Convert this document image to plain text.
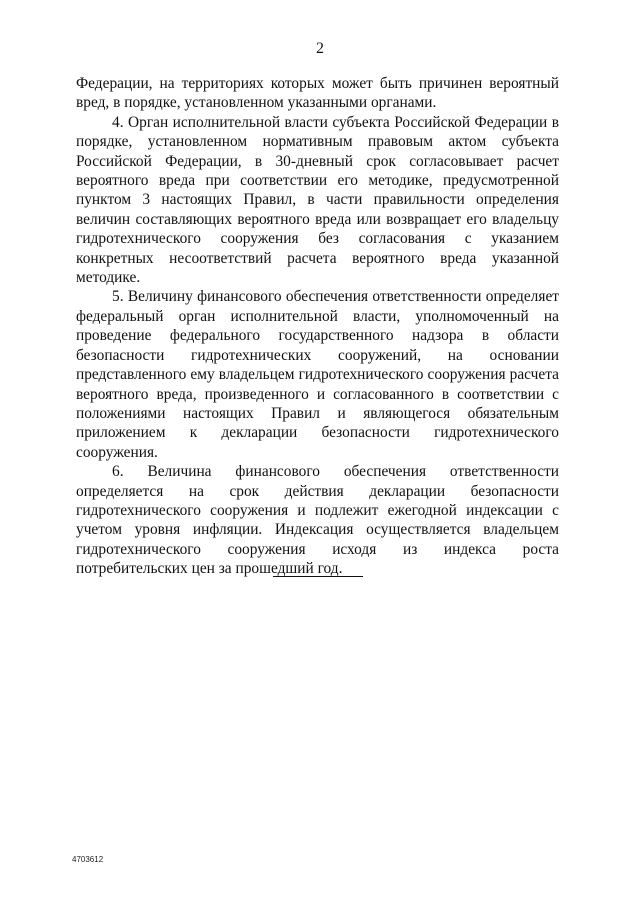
2

Федерации, на территориях которых может быть причинен вероятный вред, в порядке, установленном указанными органами.

4. Орган исполнительной власти субъекта Российской Федерации в порядке, установленном нормативным правовым актом субъекта Российской Федерации, в 30-дневный срок согласовывает расчет вероятного вреда при соответствии его методике, предусмотренной пунктом 3 настоящих Правил, в части правильности определения величин составляющих вероятного вреда или возвращает его владельцу гидротехнического сооружения без согласования с указанием конкретных несоответствий расчета вероятного вреда указанной методике.

5. Величину финансового обеспечения ответственности определяет федеральный орган исполнительной власти, уполномоченный на проведение федерального государственного надзора в области безопасности гидротехнических сооружений, на основании представленного ему владельцем гидротехнического сооружения расчета вероятного вреда, произведенного и согласованного в соответствии с положениями настоящих Правил и являющегося обязательным приложением к декларации безопасности гидротехнического сооружения.

6. Величина финансового обеспечения ответственности определяется на срок действия декларации безопасности гидротехнического сооружения и подлежит ежегодной индексации с учетом уровня инфляции. Индексация осуществляется владельцем гидротехнического сооружения исходя из индекса роста потребительских цен за прошедший год.

4703612
